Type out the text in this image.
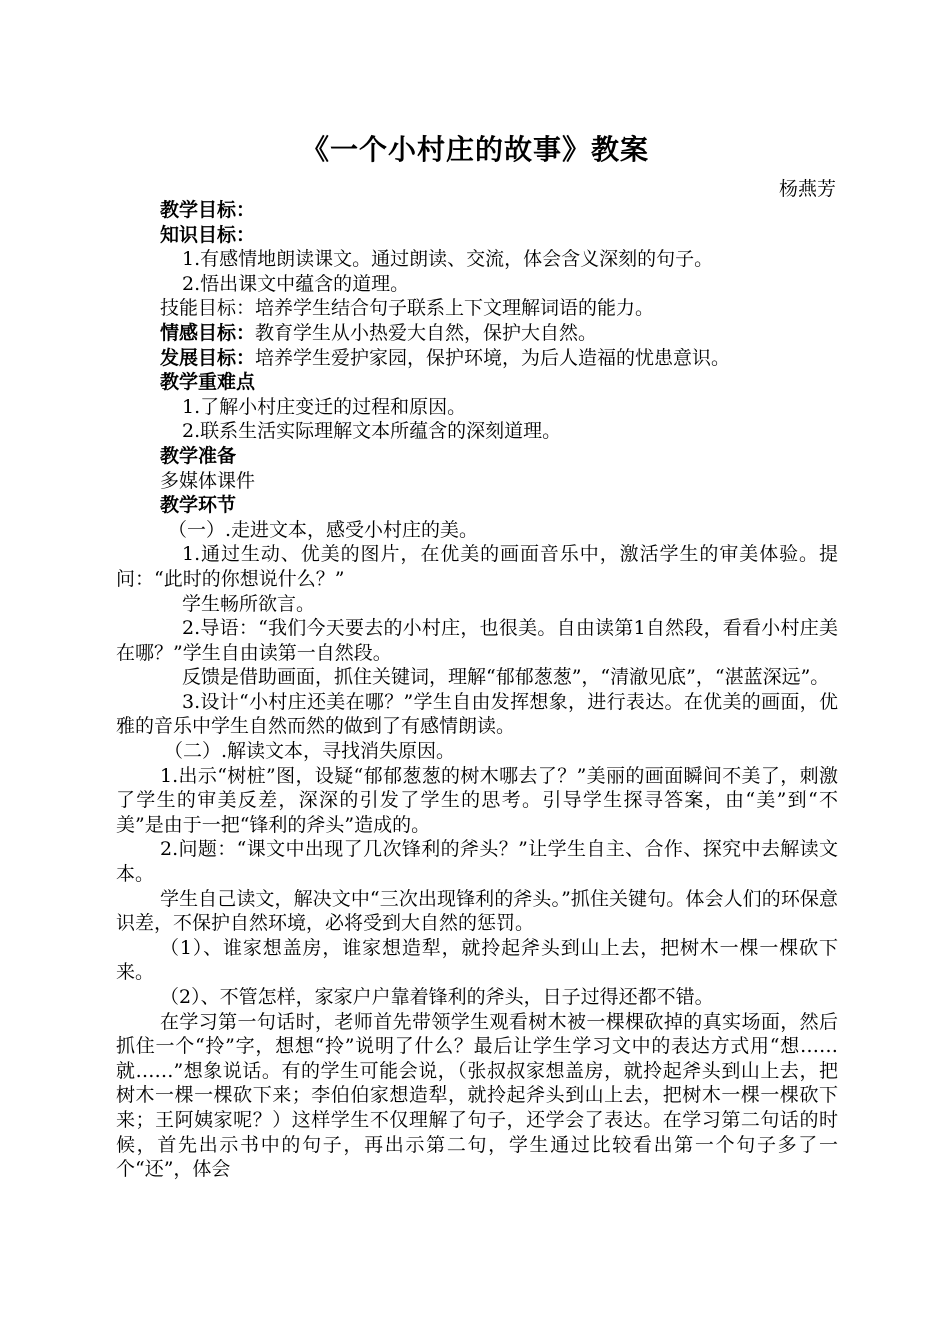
《一个小村庄的故事》教案
杨燕芳

教学目标：

知识目标：

1.有感情地朗读课文。通过朗读、交流，体会含义深刻的句子。

2.悟出课文中蕴含的道理。

技能目标：培养学生结合句子联系上下文理解词语的能力。

情感目标：教育学生从小热爱大自然，保护大自然。

发展目标：培养学生爱护家园，保护环境，为后人造福的忧患意识。

教学重难点

1.了解小村庄变迁的过程和原因。

2.联系生活实际理解文本所蕴含的深刻道理。

教学准备

多媒体课件

教学环节

（一）.走进文本，感受小村庄的美。

1.通过生动、优美的图片，在优美的画面音乐中，激活学生的审美体验。提问：“此时的你想说什么？”

学生畅所欲言。

2.导语：“我们今天要去的小村庄，也很美。自由读第1自然段，看看小村庄美在哪？”学生自由读第一自然段。

反馈是借助画面，抓住关键词，理解“郁郁葱葱”，“清澈见底”，“湛蓝深远”。

3.设计“小村庄还美在哪？”学生自由发挥想象，进行表达。在优美的画面，优雅的音乐中学生自然而然的做到了有感情朗读。

（二）.解读文本，寻找消失原因。

1.出示“树桩”图，设疑“郁郁葱葱的树木哪去了？”美丽的画面瞬间不美了，刺激了学生的审美反差，深深的引发了学生的思考。引导学生探寻答案，由“美”到“不美”是由于一把“锋利的斧头”造成的。

2.问题：“课文中出现了几次锋利的斧头？”让学生自主、合作、探究中去解读文本。

学生自己读文，解决文中“三次出现锋利的斧头。”抓住关键句。体会人们的环保意识差，不保护自然环境，必将受到大自然的惩罚。

（1）、谁家想盖房，谁家想造犁，就拎起斧头到山上去，把树木一棵一棵砍下来。

（2）、不管怎样，家家户户靠着锋利的斧头，日子过得还都不错。

在学习第一句话时，老师首先带领学生观看树木被一棵棵砍掉的真实场面，然后抓住一个“拎”字，想想“拎”说明了什么？最后让学生学习文中的表达方式用“想……就……”想象说话。有的学生可能会说，（张叔叔家想盖房，就拎起斧头到山上去，把树木一棵一棵砍下来；李伯伯家想造犁，就拎起斧头到山上去，把树木一棵一棵砍下来；王阿姨家呢？）这样学生不仅理解了句子，还学会了表达。在学习第二句话的时候，首先出示书中的句子，再出示第二句，学生通过比较看出第一个句子多了一个“还”，体会
